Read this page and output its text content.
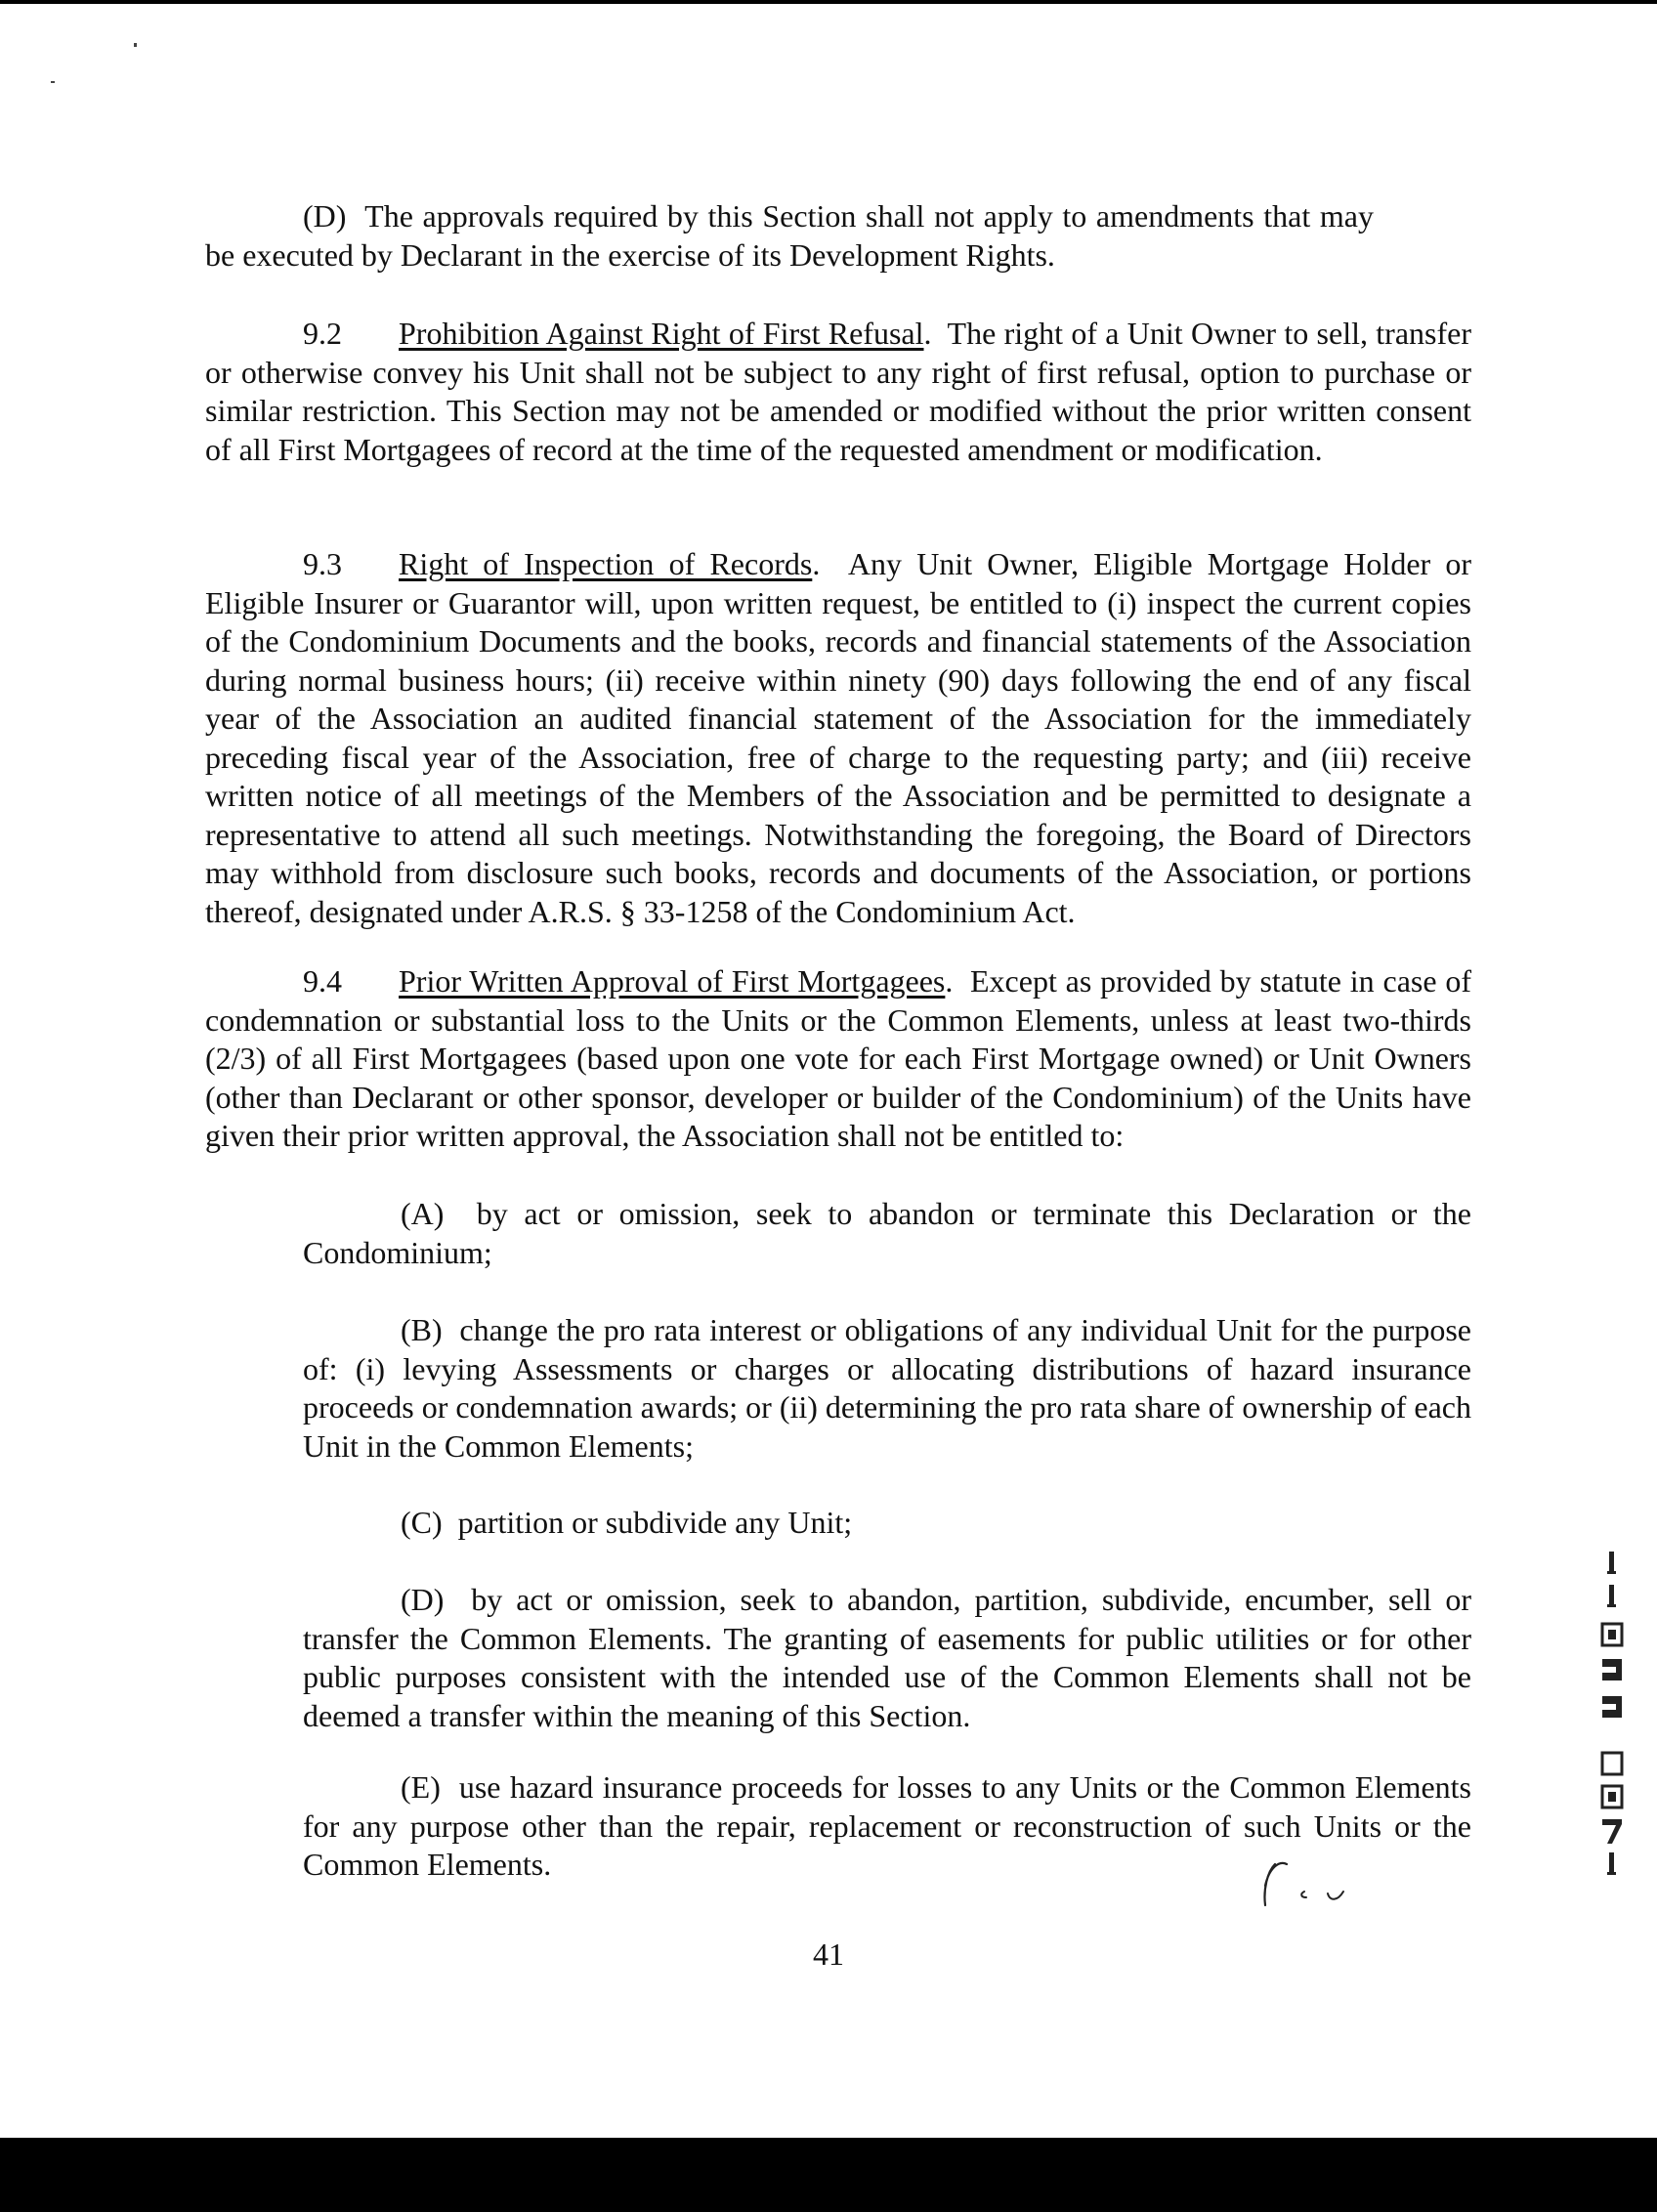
(D) The approvals required by this Section shall not apply to amendments that may be executed by Declarant in the exercise of its Development Rights.

9.2 Prohibition Against Right of First Refusal.  The right of a Unit Owner to sell, transfer or otherwise convey his Unit shall not be subject to any right of first refusal, option to purchase or similar restriction. This Section may not be amended or modified without the prior written consent of all First Mortgagees of record at the time of the requested amendment or modification.

9.3 Right of Inspection of Records.  Any Unit Owner, Eligible Mortgage Holder or Eligible Insurer or Guarantor will, upon written request, be entitled to (i) inspect the current copies of the Condominium Documents and the books, records and financial statements of the Association during normal business hours; (ii) receive within ninety (90) days following the end of any fiscal year of the Association an audited financial statement of the Association for the immediately preceding fiscal year of the Association, free of charge to the requesting party; and (iii) receive written notice of all meetings of the Members of the Association and be permitted to designate a representative to attend all such meetings. Notwithstanding the foregoing, the Board of Directors may withhold from disclosure such books, records and documents of the Association, or portions thereof, designated under A.R.S. § 33-1258 of the Condominium Act.

9.4 Prior Written Approval of First Mortgagees.  Except as provided by statute in case of condemnation or substantial loss to the Units or the Common Elements, unless at least two-thirds (2/3) of all First Mortgagees (based upon one vote for each First Mortgage owned) or Unit Owners (other than Declarant or other sponsor, developer or builder of the Condominium) of the Units have given their prior written approval, the Association shall not be entitled to:

(A) by act or omission, seek to abandon or terminate this Declaration or the Condominium;

(B) change the pro rata interest or obligations of any individual Unit for the purpose of: (i) levying Assessments or charges or allocating distributions of hazard insurance proceeds or condemnation awards; or (ii) determining the pro rata share of ownership of each Unit in the Common Elements;

(C) partition or subdivide any Unit;

(D) by act or omission, seek to abandon, partition, subdivide, encumber, sell or transfer the Common Elements. The granting of easements for public utilities or for other public purposes consistent with the intended use of the Common Elements shall not be deemed a transfer within the meaning of this Section.

(E) use hazard insurance proceeds for losses to any Units or the Common Elements for any purpose other than the repair, replacement or reconstruction of such Units or the Common Elements.

41
